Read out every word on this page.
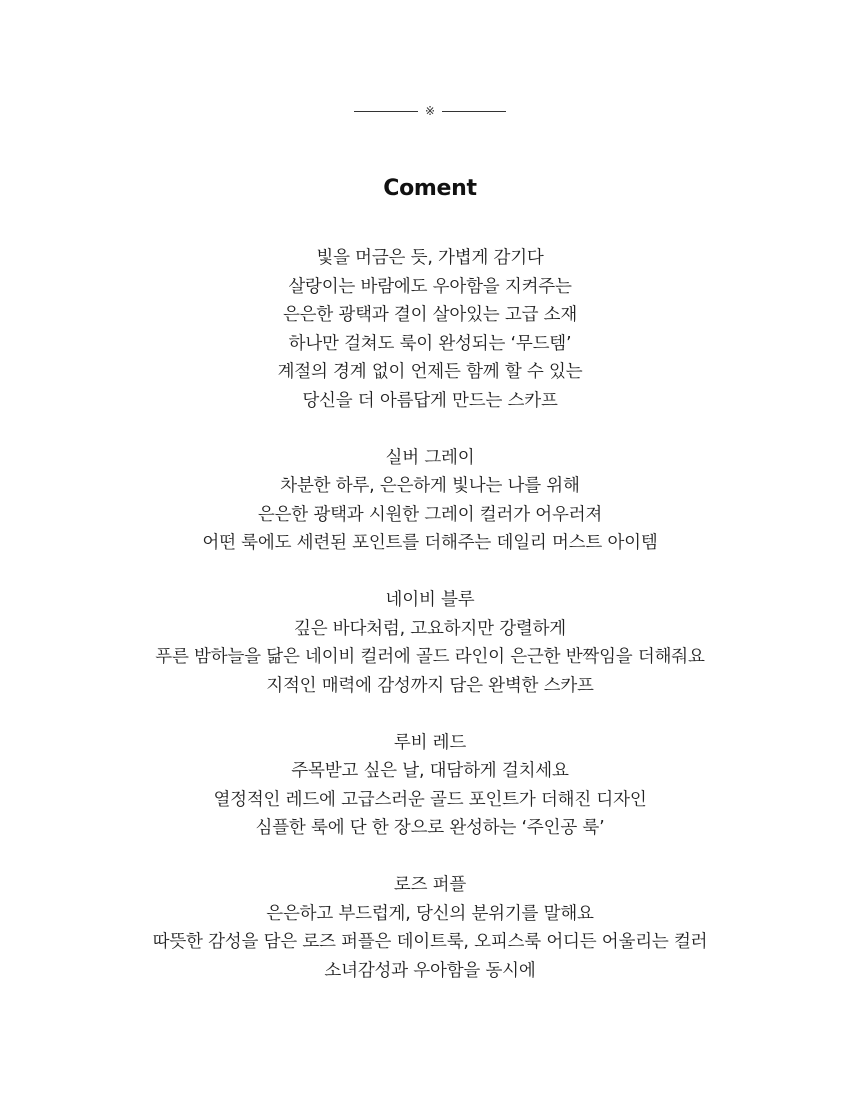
※
Coment
빛을 머금은 듯, 가볍게 감기다
살랑이는 바람에도 우아함을 지켜주는
은은한 광택과 결이 살아있는 고급 소재
하나만 걸쳐도 룩이 완성되는 ‘무드템’
계절의 경계 없이 언제든 함께 할 수 있는
당신을 더 아름답게 만드는 스카프
실버 그레이
차분한 하루, 은은하게 빛나는 나를 위해
은은한 광택과 시원한 그레이 컬러가 어우러져
어떤 룩에도 세련된 포인트를 더해주는 데일리 머스트 아이템
네이비 블루
깊은 바다처럼, 고요하지만 강렬하게
푸른 밤하늘을 닮은 네이비 컬러에 골드 라인이 은근한 반짝임을 더해줘요
지적인 매력에 감성까지 담은 완벽한 스카프
루비 레드
주목받고 싶은 날, 대담하게 걸치세요
열정적인 레드에 고급스러운 골드 포인트가 더해진 디자인
심플한 룩에 단 한 장으로 완성하는 ‘주인공 룩’
로즈 퍼플
은은하고 부드럽게, 당신의 분위기를 말해요
따뜻한 감성을 담은 로즈 퍼플은 데이트룩, 오피스룩 어디든 어울리는 컬러
소녀감성과 우아함을 동시에
